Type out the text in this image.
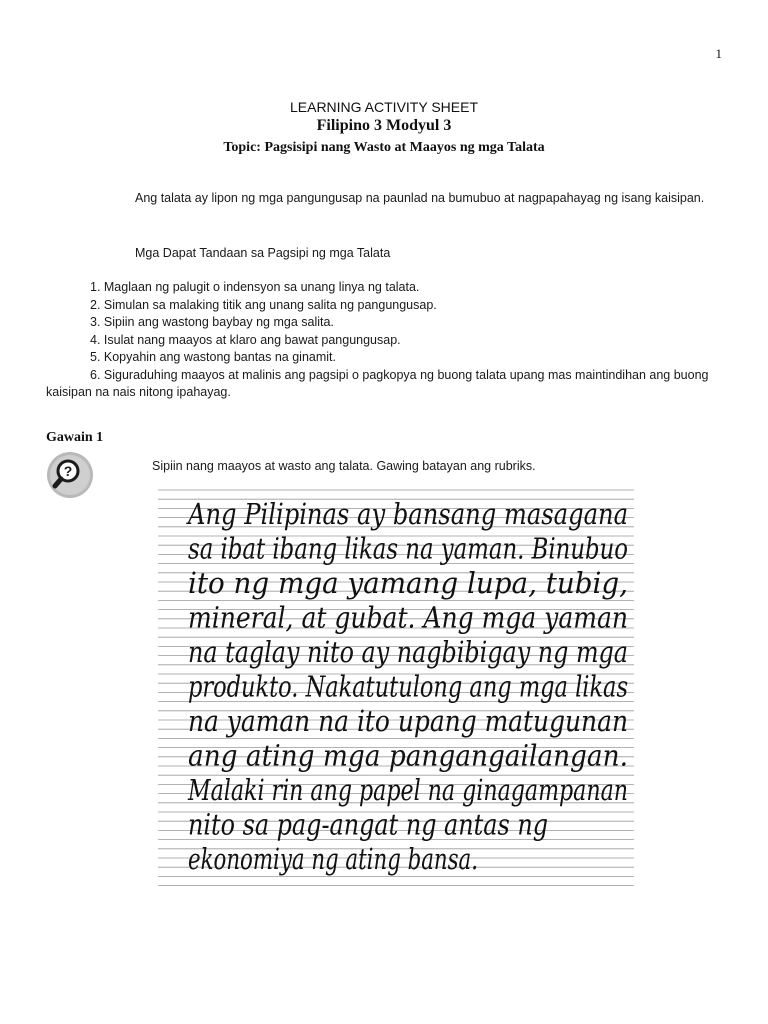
1
LEARNING ACTIVITY SHEET
Filipino 3 Modyul 3
Topic: Pagsisipi nang Wasto at Maayos ng mga Talata
Ang talata ay lipon ng mga pangungusap na paunlad na bumubuo at nagpapahayag ng isang kaisipan.
Mga Dapat Tandaan sa Pagsipi ng mga Talata
1. Maglaan ng palugit o indensyon sa unang linya ng talata.
2. Simulan sa malaking titik ang unang salita ng pangungusap.
3. Sipiin ang wastong baybay ng mga salita.
4. Isulat nang maayos at klaro ang bawat pangungusap.
5. Kopyahin ang wastong bantas na ginamit.
6. Siguraduhing maayos at malinis ang pagsipi o pagkopya ng buong talata upang mas maintindihan ang buong kaisipan na nais nitong ipahayag.
Gawain 1
?	Sipiin nang maayos at wasto ang talata. Gawing batayan ang rubriks.
Ang Pilipinas ay bansang masagana
sa ibat ibang likas na yaman. Binubuo
ito ng mga yamang lupa, tubig,
mineral, at gubat. Ang mga yaman
na taglay nito ay nagbibigay ng mga
produkto. Nakatutulong ang mga likas
na yaman na ito upang matugunan
ang ating mga pangangailangan.
Malaki rin ang papel na ginagampanan
nito sa pag-angat ng antas ng
ekonomiya ng ating bansa.
